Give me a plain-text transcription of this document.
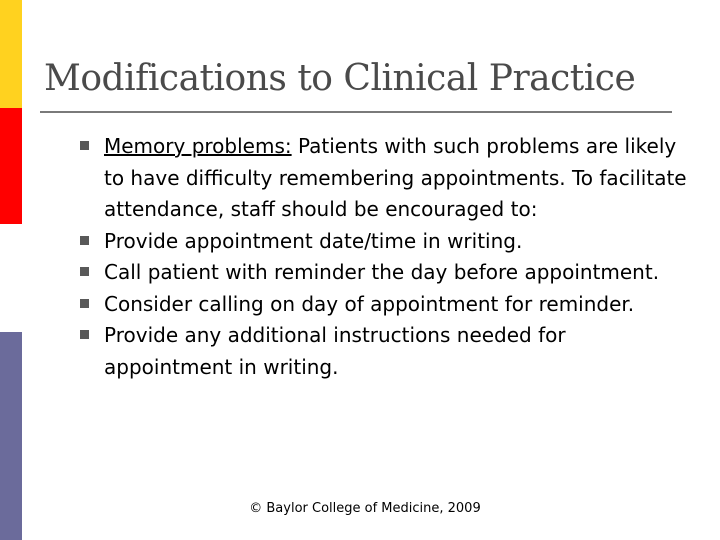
Modifications to Clinical Practice
Memory problems: Patients with such problems are likely to have difficulty remembering appointments. To facilitate attendance, staff should be encouraged to:
Provide appointment date/time in writing.
Call patient with reminder the day before appointment.
Consider calling on day of appointment for reminder.
Provide any additional instructions needed for appointment in writing.
© Baylor College of Medicine, 2009
